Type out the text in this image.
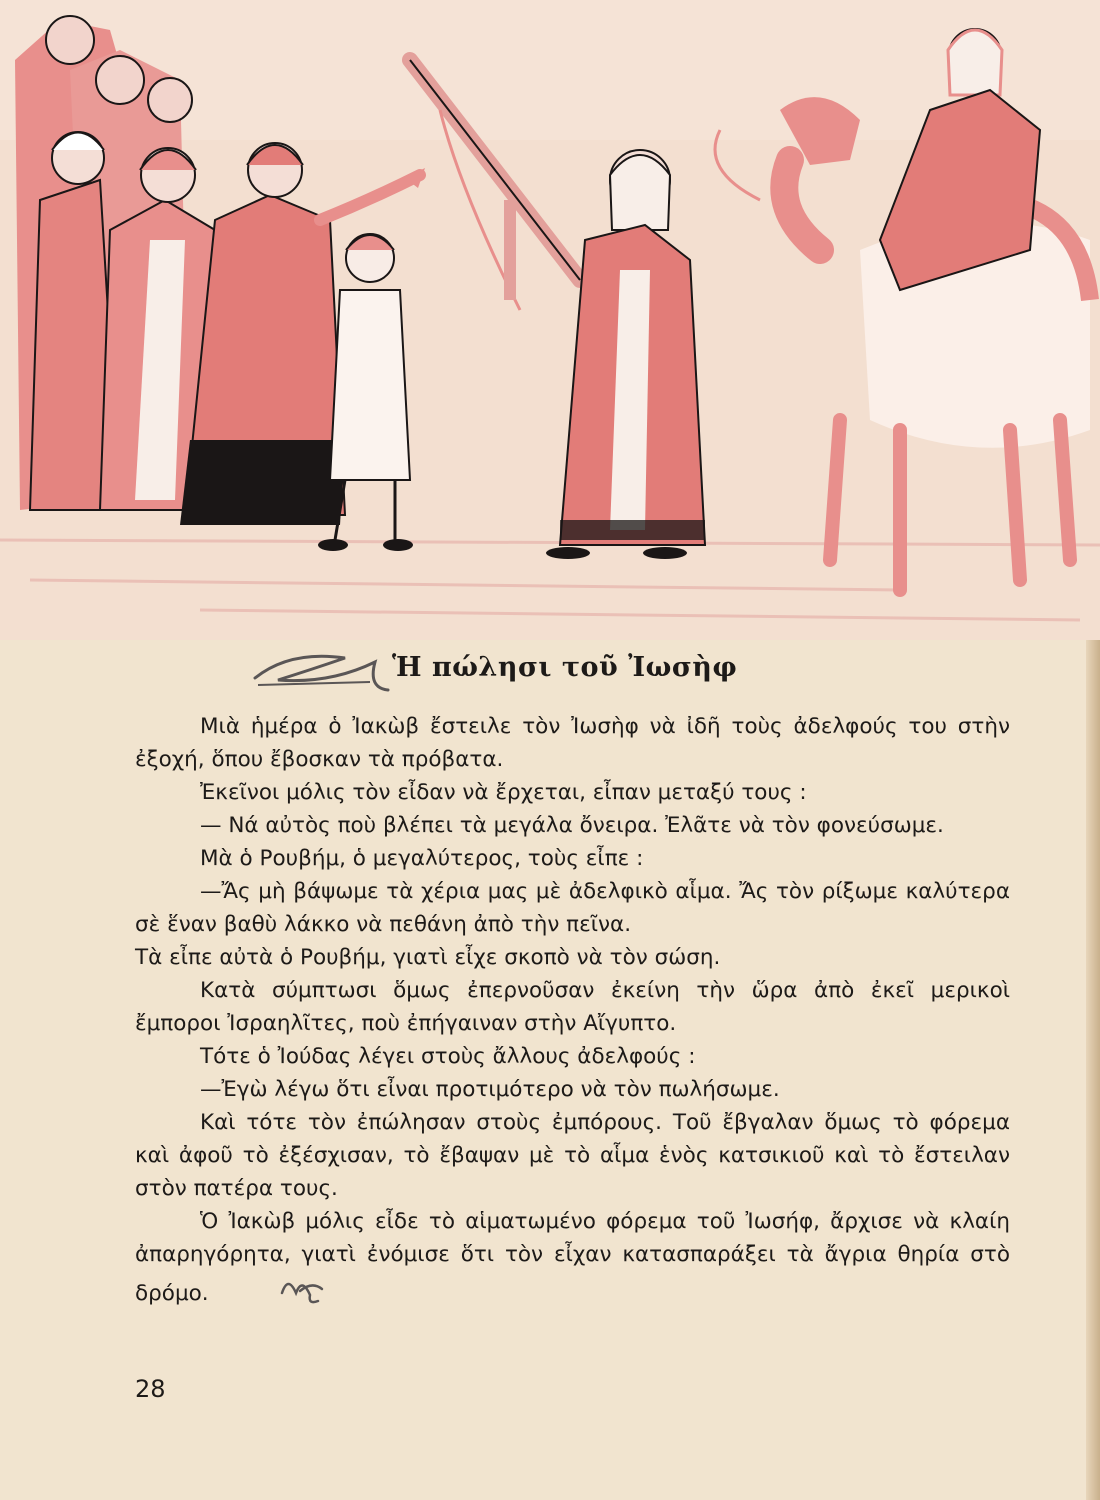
Ἡ πώλησι τοῦ Ἰωσὴφ

Μιὰ ἡμέρα ὁ Ἰακὼβ ἔστειλε τὸν Ἰωσὴφ νὰ ἰδῆ τοὺς ἀδελφούς του στὴν ἐξοχή, ὅπου ἔβοσκαν τὰ πρόβατα.

Ἐκεῖνοι μόλις τὸν εἶδαν νὰ ἔρχεται, εἶπαν μεταξύ τους :

— Νά αὐτὸς ποὺ βλέπει τὰ μεγάλα ὄνειρα. Ἐλᾶτε νὰ τὸν φονεύσωμε.

Μὰ ὁ Ρουβήμ, ὁ μεγαλύτερος, τοὺς εἶπε :

—Ἄς μὴ βάψωμε τὰ χέρια μας μὲ ἀδελφικὸ αἷμα. Ἄς τὸν ρίξωμε καλύτερα σὲ ἕναν βαθὺ λάκκο νὰ πεθάνη ἀπὸ τὴν πεῖνα.

Τὰ εἶπε αὐτὰ ὁ Ρουβήμ, γιατὶ εἶχε σκοπὸ νὰ τὸν σώση.

Κατὰ σύμπτωσι ὅμως ἐπερνοῦσαν ἐκείνη τὴν ὥρα ἀπὸ ἐκεῖ μερικοὶ ἔμποροι Ἰσραηλῖτες, ποὺ ἐπήγαιναν στὴν Αἴγυπτο.

Τότε ὁ Ἰούδας λέγει στοὺς ἄλλους ἀδελφούς :

—Ἐγὼ λέγω ὅτι εἶναι προτιμότερο νὰ τὸν πωλήσωμε.

Καὶ τότε τὸν ἐπώλησαν στοὺς ἐμπόρους. Τοῦ ἔβγαλαν ὅμως τὸ φόρεμα καὶ ἀφοῦ τὸ ἐξέσχισαν, τὸ ἔβαψαν μὲ τὸ αἷμα ἑνὸς κατσικιοῦ καὶ τὸ ἔστειλαν στὸν πατέρα τους.

Ὁ Ἰακὼβ μόλις εἶδε τὸ αἱματωμένο φόρεμα τοῦ Ἰωσήφ, ἄρχισε νὰ κλαίη ἀπαρηγόρητα, γιατὶ ἐνόμισε ὅτι τὸν εἶχαν κατασπαράξει τὰ ἄγρια θηρία στὸ δρόμο.

28
